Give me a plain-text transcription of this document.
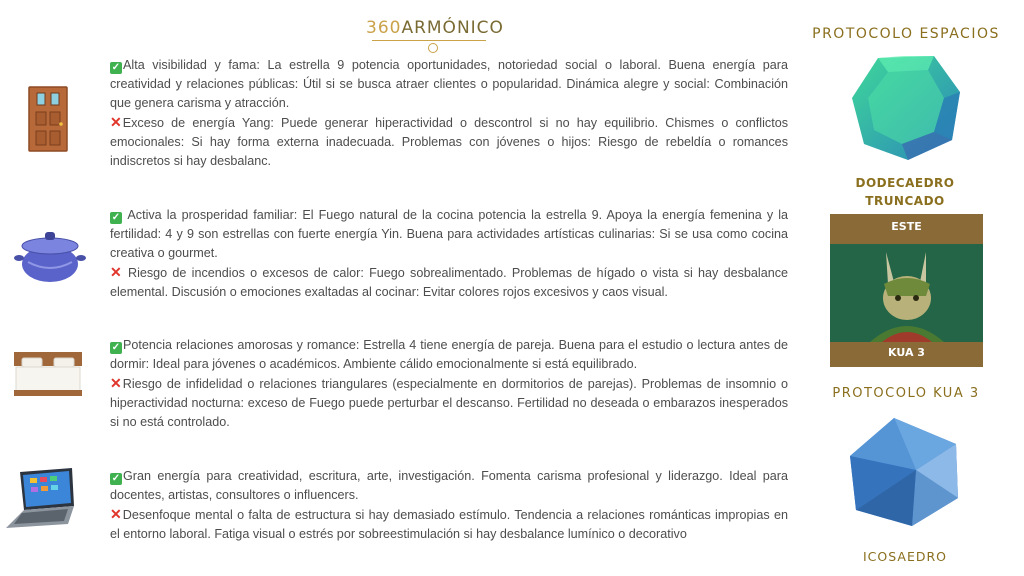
360ARMÓNICO

✓ Alta visibilidad y fama: La estrella 9 potencia oportunidades, notoriedad social o laboral. Buena energía para creatividad y relaciones públicas: Útil si se busca atraer clientes o popularidad. Dinámica alegre y social: Combinación que genera carisma y atracción.

✕Exceso de energía Yang: Puede generar hiperactividad o descontrol si no hay equilibrio. Chismes o conflictos emocionales: Si hay forma externa inadecuada. Problemas con jóvenes o hijos: Riesgo de rebeldía o romances indiscretos si hay desbalanc.

✓ Activa la prosperidad familiar: El Fuego natural de la cocina potencia la estrella 9. Apoya la energía femenina y la fertilidad: 4 y 9 son estrellas con fuerte energía Yin. Buena para actividades artísticas culinarias: Si se usa como cocina creativa o gourmet.

✕ Riesgo de incendios o excesos de calor: Fuego sobrealimentado. Problemas de hígado o vista si hay desbalance elemental. Discusión o emociones exaltadas al cocinar: Evitar colores rojos excesivos y caos visual.

✓ Potencia relaciones amorosas y romance: Estrella 4 tiene energía de pareja. Buena para el estudio o lectura antes de dormir: Ideal para jóvenes o académicos. Ambiente cálido emocionalmente si está equilibrado.

✕Riesgo de infidelidad o relaciones triangulares (especialmente en dormitorios de parejas). Problemas de insomnio o hiperactividad nocturna: exceso de Fuego puede perturbar el descanso. Fertilidad no deseada o embarazos inesperados si no está controlado.

✓ Gran energía para creatividad, escritura, arte, investigación. Fomenta carisma profesional y liderazgo. Ideal para docentes, artistas, consultores o influencers.

✕Desenfoque mental o falta de estructura si hay demasiado estímulo. Tendencia a relaciones románticas impropias en el entorno laboral. Fatiga visual o estrés por sobreestimulación si hay desbalance lumínico o decorativo

PROTOCOLO ESPACIOS
DODECAEDRO
TRUNCADO
ESTE
KUA 3
PROTOCOLO KUA 3
ICOSAEDRO
